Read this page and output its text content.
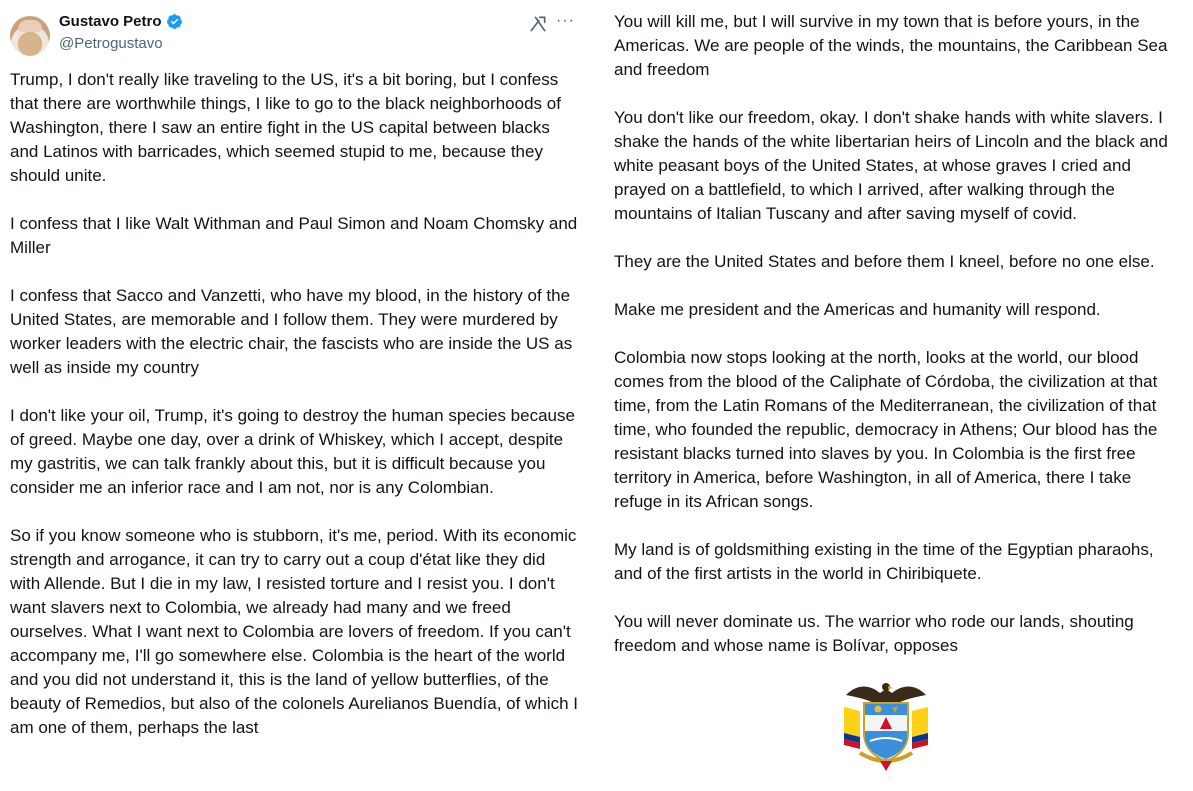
Gustavo Petro
@Petrogustavo
···

Trump, I don't really like traveling to the US, it's a bit boring, but I confess that there are worthwhile things, I like to go to the black neighborhoods of Washington, there I saw an entire fight in the US capital between blacks and Latinos with barricades, which seemed stupid to me, because they should unite.

I confess that I like Walt Withman and Paul Simon and Noam Chomsky and Miller

I confess that Sacco and Vanzetti, who have my blood, in the history of the United States, are memorable and I follow them. They were murdered by worker leaders with the electric chair, the fascists who are inside the US as well as inside my country

I don't like your oil, Trump, it's going to destroy the human species because of greed. Maybe one day, over a drink of Whiskey, which I accept, despite my gastritis, we can talk frankly about this, but it is difficult because you consider me an inferior race and I am not, nor is any Colombian.

So if you know someone who is stubborn, it's me, period. With its economic strength and arrogance, it can try to carry out a coup d'état like they did with Allende. But I die in my law, I resisted torture and I resist you. I don't want slavers next to Colombia, we already had many and we freed ourselves. What I want next to Colombia are lovers of freedom. If you can't accompany me, I'll go somewhere else. Colombia is the heart of the world and you did not understand it, this is the land of yellow butterflies, of the beauty of Remedios, but also of the colonels Aurelianos Buendía, of which I am one of them, perhaps the last

You will kill me, but I will survive in my town that is before yours, in the Americas. We are people of the winds, the mountains, the Caribbean Sea and freedom

You don't like our freedom, okay. I don't shake hands with white slavers. I shake the hands of the white libertarian heirs of Lincoln and the black and white peasant boys of the United States, at whose graves I cried and prayed on a battlefield, to which I arrived, after walking through the mountains of Italian Tuscany and after saving myself of covid.

They are the United States and before them I kneel, before no one else.

Make me president and the Americas and humanity will respond.

Colombia now stops looking at the north, looks at the world, our blood comes from the blood of the Caliphate of Córdoba, the civilization at that time, from the Latin Romans of the Mediterranean, the civilization of that time, who founded the republic, democracy in Athens; Our blood has the resistant blacks turned into slaves by you. In Colombia is the first free territory in America, before Washington, in all of America, there I take refuge in its African songs.

My land is of goldsmithing existing in the time of the Egyptian pharaohs, and of the first artists in the world in Chiribiquete.

You will never dominate us. The warrior who rode our lands, shouting freedom and whose name is Bolívar, opposes
